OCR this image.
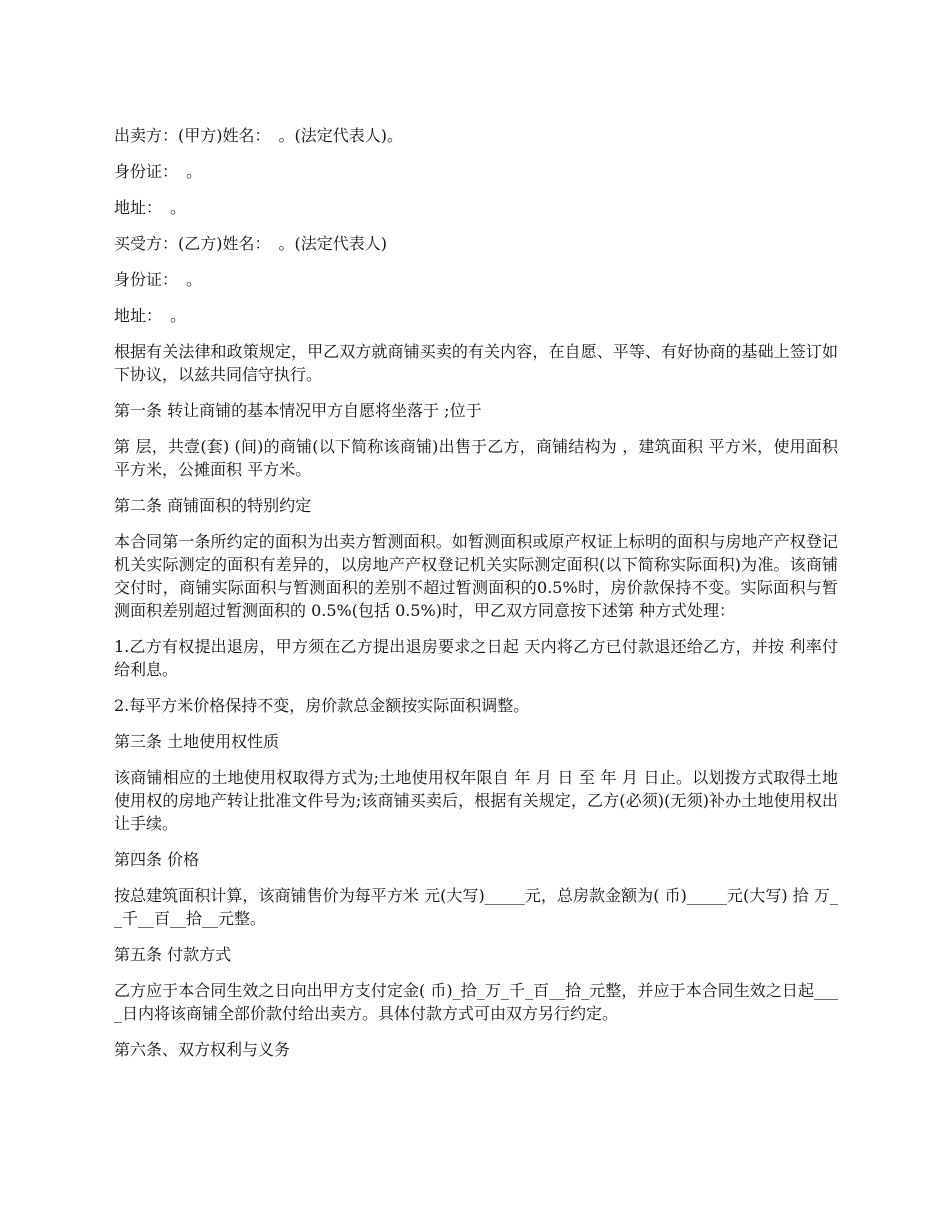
出卖方：(甲方)姓名：　。(法定代表人)。

身份证：　。

地址：　。

买受方：(乙方)姓名：　。(法定代表人)

身份证：　。

地址：　。

根据有关法律和政策规定，甲乙双方就商铺买卖的有关内容，在自愿、平等、有好协商的基础上签订如下协议，以兹共同信守执行。

第一条 转让商铺的基本情况甲方自愿将坐落于 ;位于

第 层，共壹(套) (间)的商铺(以下简称该商铺)出售于乙方，商铺结构为 ，建筑面积 平方米，使用面积 平方米，公摊面积 平方米。

第二条 商铺面积的特别约定

本合同第一条所约定的面积为出卖方暂测面积。如暂测面积或原产权证上标明的面积与房地产产权登记机关实际测定的面积有差异的，以房地产产权登记机关实际测定面积(以下简称实际面积)为准。该商铺交付时，商铺实际面积与暂测面积的差别不超过暂测面积的0.5%时，房价款保持不变。实际面积与暂测面积差别超过暂测面积的 0.5%(包括 0.5%)时，甲乙双方同意按下述第 种方式处理：

1.乙方有权提出退房，甲方须在乙方提出退房要求之日起 天内将乙方已付款退还给乙方，并按 利率付给利息。

2.每平方米价格保持不变，房价款总金额按实际面积调整。

第三条 土地使用权性质

该商铺相应的土地使用权取得方式为;土地使用权年限自 年 月 日 至 年 月 日止。以划拨方式取得土地使用权的房地产转让批准文件号为;该商铺买卖后，根据有关规定，乙方(必须)(无须)补办土地使用权出让手续。

第四条 价格

按总建筑面积计算，该商铺售价为每平方米 元(大写)_____元，总房款金额为( 币)_____元(大写) 拾 万__千__百__拾__元整。

第五条 付款方式

乙方应于本合同生效之日向出甲方支付定金( 币)_拾_万_千_百__拾_元整，并应于本合同生效之日起____日内将该商铺全部价款付给出卖方。具体付款方式可由双方另行约定。

第六条、双方权利与义务
